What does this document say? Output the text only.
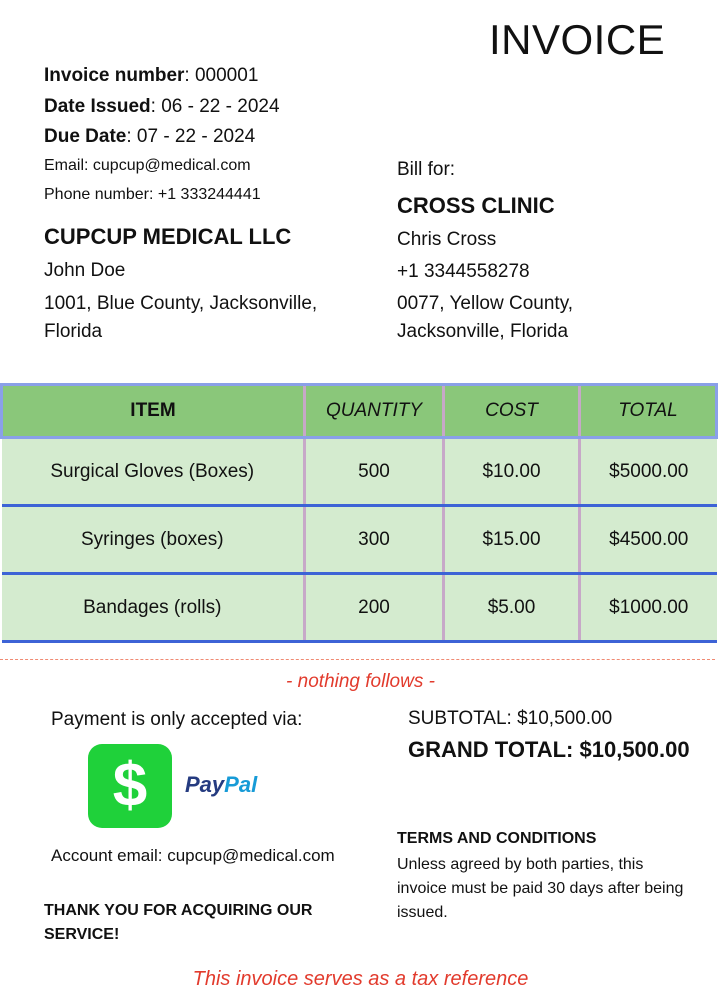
INVOICE
Invoice number: 000001
Date Issued: 06 - 22 - 2024
Due Date: 07 - 22 - 2024
Email: cupcup@medical.com
Phone number: +1 333244441
CUPCUP MEDICAL LLC
John Doe
1001, Blue County, Jacksonville, Florida
Bill for:
CROSS CLINIC
Chris Cross
+1 3344558278
0077, Yellow County, Jacksonville, Florida
ITEM	QUANTITY	COST	TOTAL
Surgical Gloves (Boxes)	500	$10.00	$5000.00
Syringes (boxes)	300	$15.00	$4500.00
Bandages (rolls)	200	$5.00	$1000.00
- nothing follows -
Payment is only accepted via:
$	PayPal
Account email: cupcup@medical.com
THANK YOU FOR ACQUIRING OUR SERVICE!
SUBTOTAL: $10,500.00
GRAND TOTAL: $10,500.00
TERMS AND CONDITIONS
Unless agreed by both parties, this invoice must be paid 30 days after being issued.
This invoice serves as a tax reference
